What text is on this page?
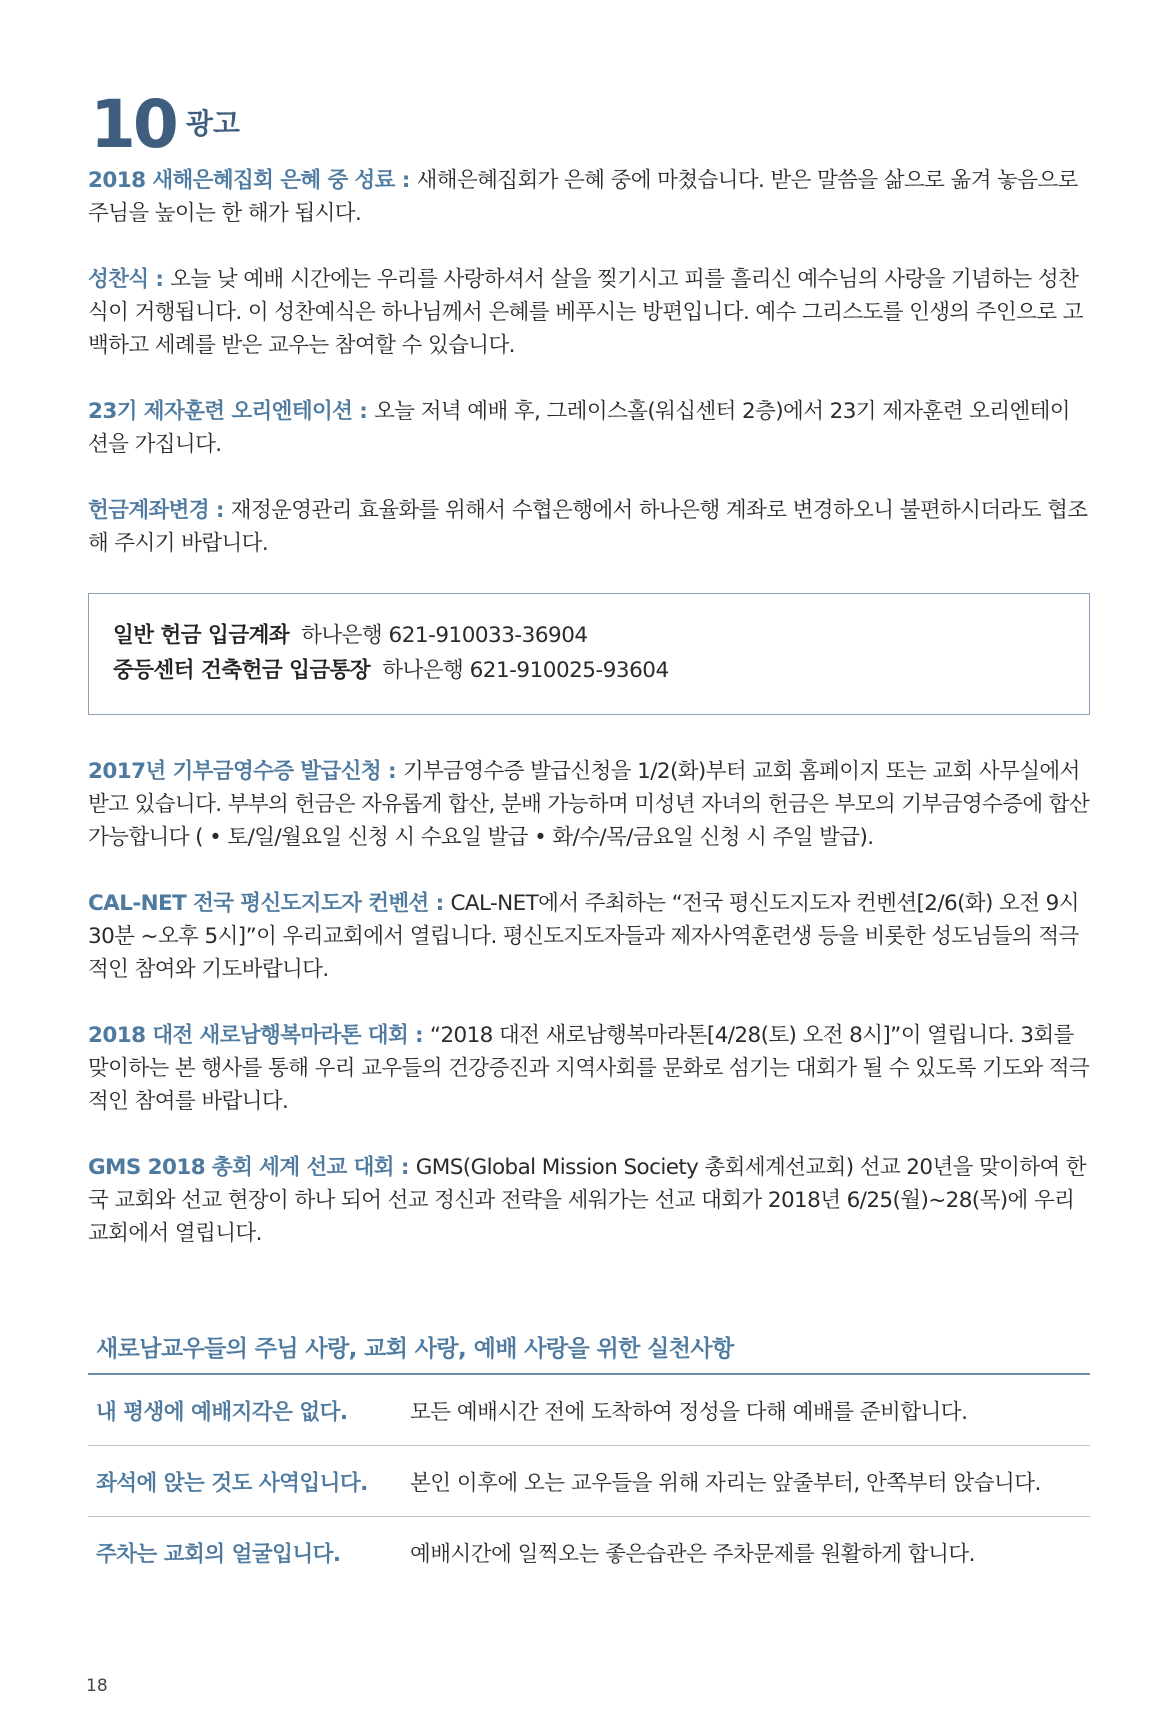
10 광고

2018 새해은혜집회 은혜 중 성료 : 새해은혜집회가 은혜 중에 마쳤습니다. 받은 말씀을 삶으로 옮겨 놓음으로 주님을 높이는 한 해가 됩시다.

성찬식 : 오늘 낮 예배 시간에는 우리를 사랑하셔서 살을 찢기시고 피를 흘리신 예수님의 사랑을 기념하는 성찬식이 거행됩니다. 이 성찬예식은 하나님께서 은혜를 베푸시는 방편입니다. 예수 그리스도를 인생의 주인으로 고백하고 세례를 받은 교우는 참여할 수 있습니다.

23기 제자훈련 오리엔테이션 : 오늘 저녁 예배 후, 그레이스홀(워십센터 2층)에서 23기 제자훈련 오리엔테이션을 가집니다.

헌금계좌변경 : 재정운영관리 효율화를 위해서 수협은행에서 하나은행 계좌로 변경하오니 불편하시더라도 협조해 주시기 바랍니다.

일반 헌금 입금계좌 하나은행 621-910033-36904
중등센터 건축헌금 입금통장 하나은행 621-910025-93604

2017년 기부금영수증 발급신청 : 기부금영수증 발급신청을 1/2(화)부터 교회 홈페이지 또는 교회 사무실에서 받고 있습니다. 부부의 헌금은 자유롭게 합산, 분배 가능하며 미성년 자녀의 헌금은 부모의 기부금영수증에 합산 가능합니다 ( • 토/일/월요일 신청 시 수요일 발급 • 화/수/목/금요일 신청 시 주일 발급).

CAL-NET 전국 평신도지도자 컨벤션 : CAL-NET에서 주최하는 “전국 평신도지도자 컨벤션[2/6(화) 오전 9시 30분 ~오후 5시]”이 우리교회에서 열립니다. 평신도지도자들과 제자사역훈련생 등을 비롯한 성도님들의 적극적인 참여와 기도바랍니다.

2018 대전 새로남행복마라톤 대회 : “2018 대전 새로남행복마라톤[4/28(토) 오전 8시]”이 열립니다. 3회를 맞이하는 본 행사를 통해 우리 교우들의 건강증진과 지역사회를 문화로 섬기는 대회가 될 수 있도록 기도와 적극적인 참여를 바랍니다.

GMS 2018 총회 세계 선교 대회 : GMS(Global Mission Society 총회세계선교회) 선교 20년을 맞이하여 한국 교회와 선교 현장이 하나 되어 선교 정신과 전략을 세워가는 선교 대회가 2018년 6/25(월)~28(목)에 우리 교회에서 열립니다.

새로남교우들의 주님 사랑, 교회 사랑, 예배 사랑을 위한 실천사항
내 평생에 예배지각은 없다.	모든 예배시간 전에 도착하여 정성을 다해 예배를 준비합니다.
좌석에 앉는 것도 사역입니다.	본인 이후에 오는 교우들을 위해 자리는 앞줄부터, 안쪽부터 앉습니다.
주차는 교회의 얼굴입니다.	예배시간에 일찍오는 좋은습관은 주차문제를 원활하게 합니다.
18
